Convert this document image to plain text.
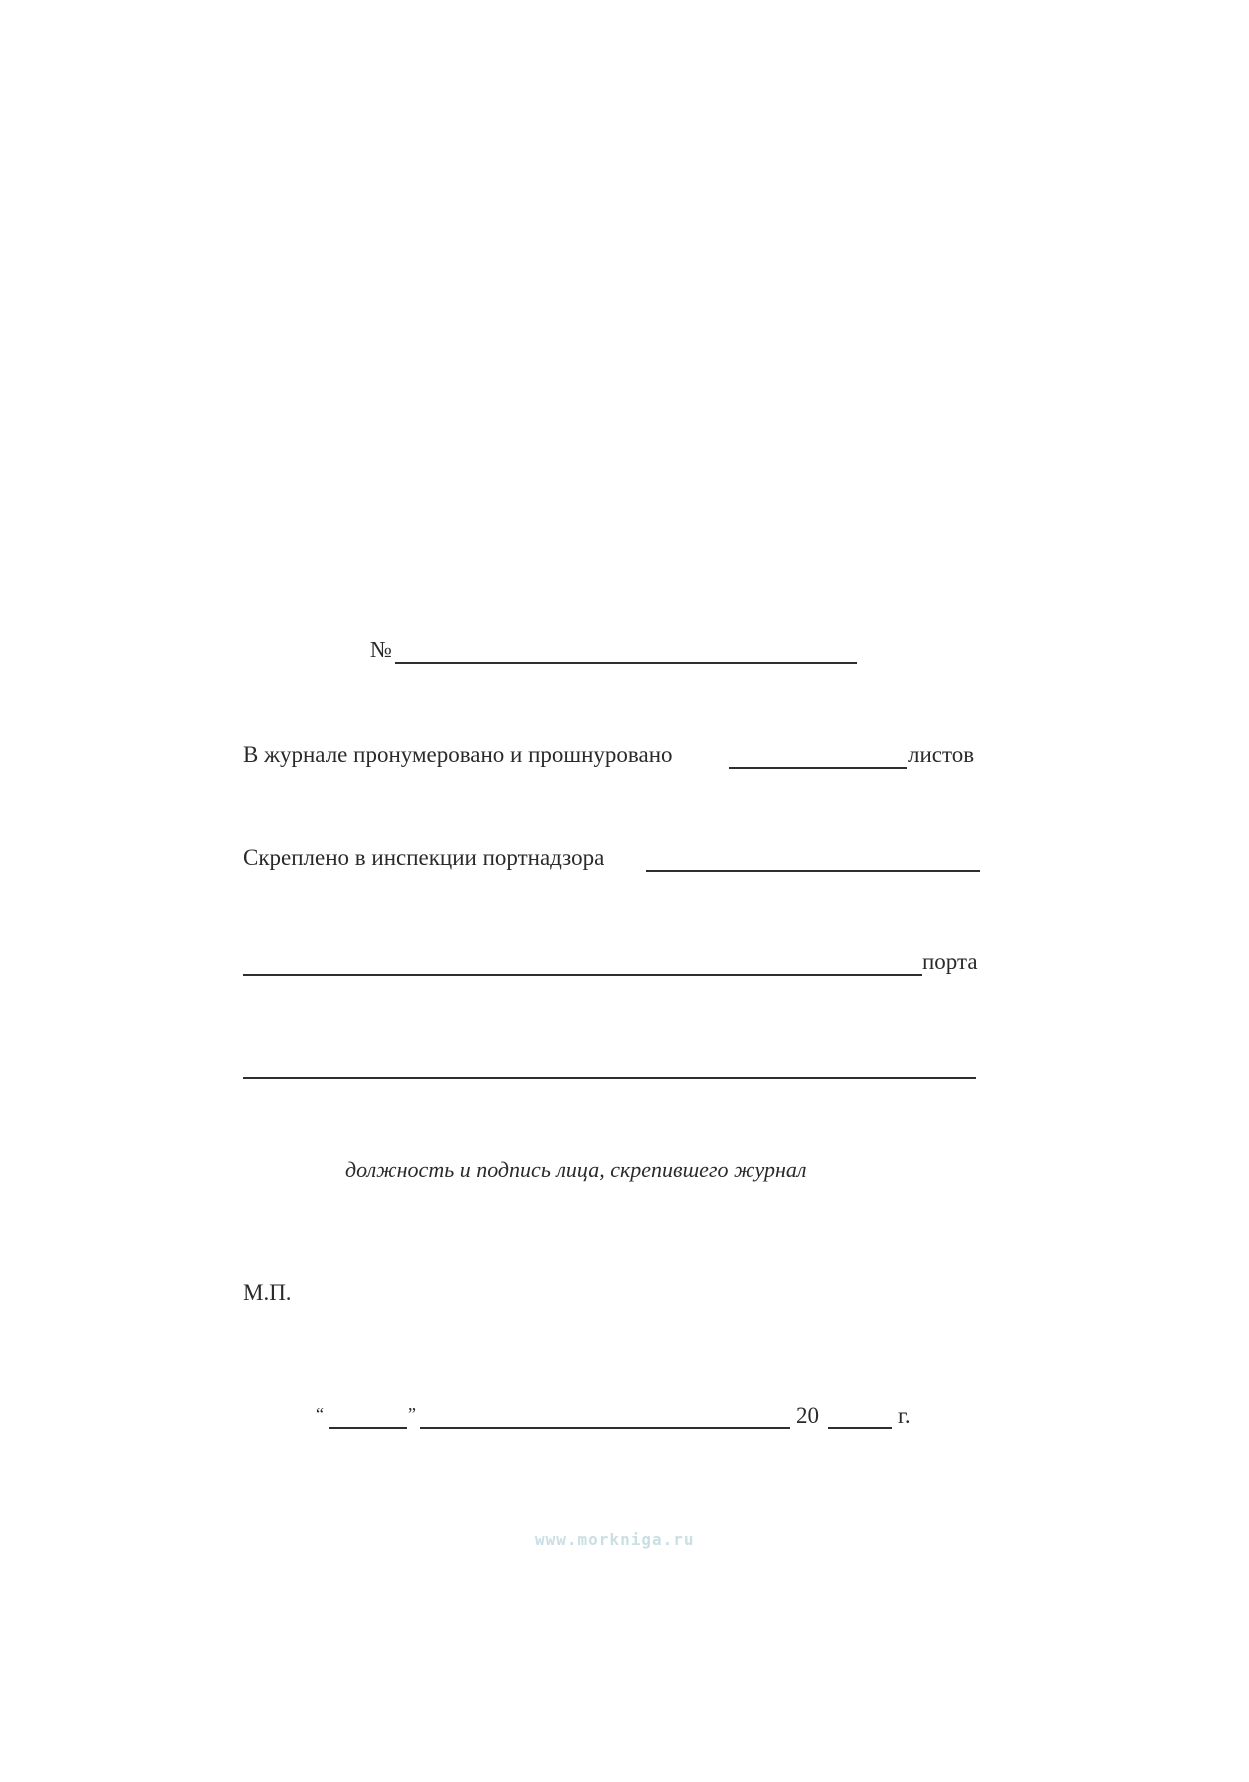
№
В журнале пронумеровано и прошнуровано	листов
Скреплено в инспекции портнадзора
порта
должность и подпись лица, скрепившего журнал
М.П.
“	”	20	г.
www.morkniga.ru
